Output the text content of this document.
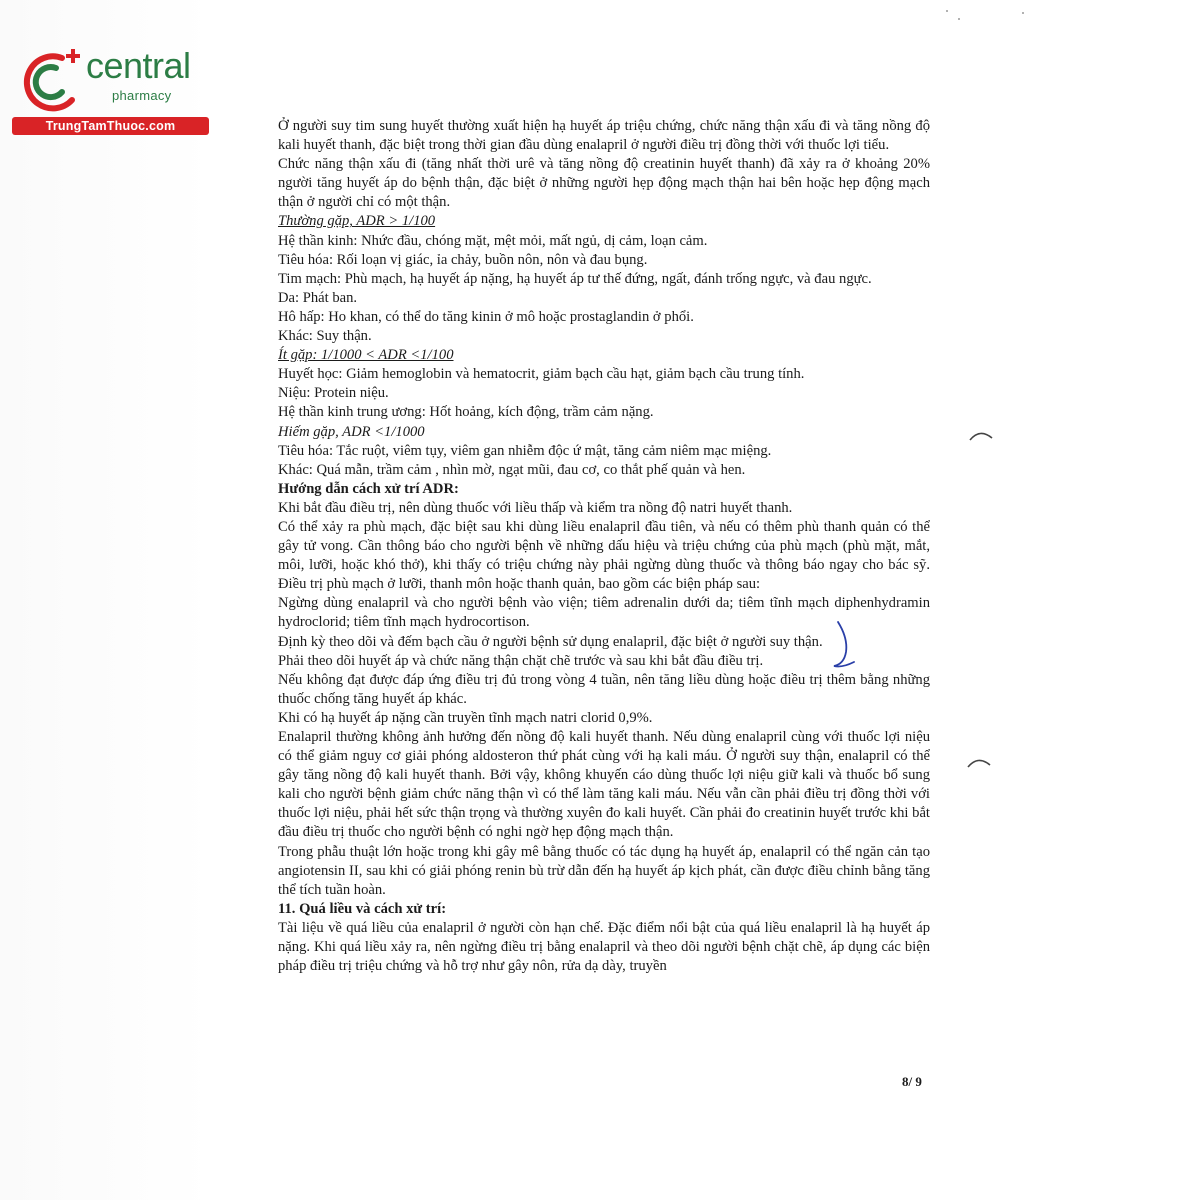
central
pharmacy
TrungTamThuoc.com	Ở người suy tim sung huyết thường xuất hiện hạ huyết áp triệu chứng, chức năng thận xấu đi và tăng nồng độ kali huyết thanh, đặc biệt trong thời gian đầu dùng enalapril ở người điều trị đồng thời với thuốc lợi tiểu.

Chức năng thận xấu đi (tăng nhất thời urê và tăng nồng độ creatinin huyết thanh) đã xảy ra ở khoảng 20% người tăng huyết áp do bệnh thận, đặc biệt ở những người hẹp động mạch thận hai bên hoặc hẹp động mạch thận ở người chỉ có một thận.

Thường gặp, ADR > 1/100

Hệ thần kinh: Nhức đầu, chóng mặt, mệt mỏi, mất ngủ, dị cảm, loạn cảm.

Tiêu hóa: Rối loạn vị giác, ỉa chảy, buồn nôn, nôn và đau bụng.

Tim mạch: Phù mạch, hạ huyết áp nặng, hạ huyết áp tư thế đứng, ngất, đánh trống ngực, và đau ngực.

Da: Phát ban.

Hô hấp: Ho khan, có thể do tăng kinin ở mô hoặc prostaglandin ở phổi.

Khác: Suy thận.

Ít gặp: 1/1000 < ADR <1/100

Huyết học: Giảm hemoglobin và hematocrit, giảm bạch cầu hạt, giảm bạch cầu trung tính.

Niệu: Protein niệu.

Hệ thần kinh trung ương: Hốt hoảng, kích động, trầm cảm nặng.

Hiếm gặp, ADR <1/1000

Tiêu hóa: Tắc ruột, viêm tụy, viêm gan nhiễm độc ứ mật, tăng cảm niêm mạc miệng.

Khác: Quá mẫn, trầm cảm , nhìn mờ, ngạt mũi, đau cơ, co thắt phế quản và hen.

Hướng dẫn cách xử trí ADR:

Khi bắt đầu điều trị, nên dùng thuốc với liều thấp và kiểm tra nồng độ natri huyết thanh.

Có thể xảy ra phù mạch, đặc biệt sau khi dùng liều enalapril đầu tiên, và nếu có thêm phù thanh quản có thể gây tử vong. Cần thông báo cho người bệnh về những dấu hiệu và triệu chứng của phù mạch (phù mặt, mắt, môi, lưỡi, hoặc khó thở), khi thấy có triệu chứng này phải ngừng dùng thuốc và thông báo ngay cho bác sỹ. Điều trị phù mạch ở lưỡi, thanh môn hoặc thanh quản, bao gồm các biện pháp sau:

Ngừng dùng enalapril và cho người bệnh vào viện; tiêm adrenalin dưới da; tiêm tĩnh mạch diphenhydramin hydroclorid; tiêm tĩnh mạch hydrocortison.

Định kỳ theo dõi và đếm bạch cầu ở người bệnh sử dụng enalapril, đặc biệt ở người suy thận.

Phải theo dõi huyết áp và chức năng thận chặt chẽ trước và sau khi bắt đầu điều trị.

Nếu không đạt được đáp ứng điều trị đủ trong vòng 4 tuần, nên tăng liều dùng hoặc điều trị thêm bằng những thuốc chống tăng huyết áp khác.

Khi có hạ huyết áp nặng cần truyền tĩnh mạch natri clorid 0,9%.

Enalapril thường không ảnh hưởng đến nồng độ kali huyết thanh. Nếu dùng enalapril cùng với thuốc lợi niệu có thể giảm nguy cơ giải phóng aldosteron thứ phát cùng với hạ kali máu. Ở người suy thận, enalapril có thể gây tăng nồng độ kali huyết thanh. Bởi vậy, không khuyến cáo dùng thuốc lợi niệu giữ kali và thuốc bổ sung kali cho người bệnh giảm chức năng thận vì có thể làm tăng kali máu. Nếu vẫn cần phải điều trị đồng thời với thuốc lợi niệu, phải hết sức thận trọng và thường xuyên đo kali huyết. Cần phải đo creatinin huyết trước khi bắt đầu điều trị thuốc cho người bệnh có nghi ngờ hẹp động mạch thận.

Trong phẫu thuật lớn hoặc trong khi gây mê bằng thuốc có tác dụng hạ huyết áp, enalapril có thể ngăn cản tạo angiotensin II, sau khi có giải phóng renin bù trừ dẫn đến hạ huyết áp kịch phát, cần được điều chỉnh bằng tăng thể tích tuần hoàn.

11. Quá liều và cách xử trí:

Tài liệu về quá liều của enalapril ở người còn hạn chế. Đặc điểm nổi bật của quá liều enalapril là hạ huyết áp nặng. Khi quá liều xảy ra, nên ngừng điều trị bằng enalapril và theo dõi người bệnh chặt chẽ, áp dụng các biện pháp điều trị triệu chứng và hỗ trợ như gây nôn, rửa dạ dày, truyền

8/ 9
